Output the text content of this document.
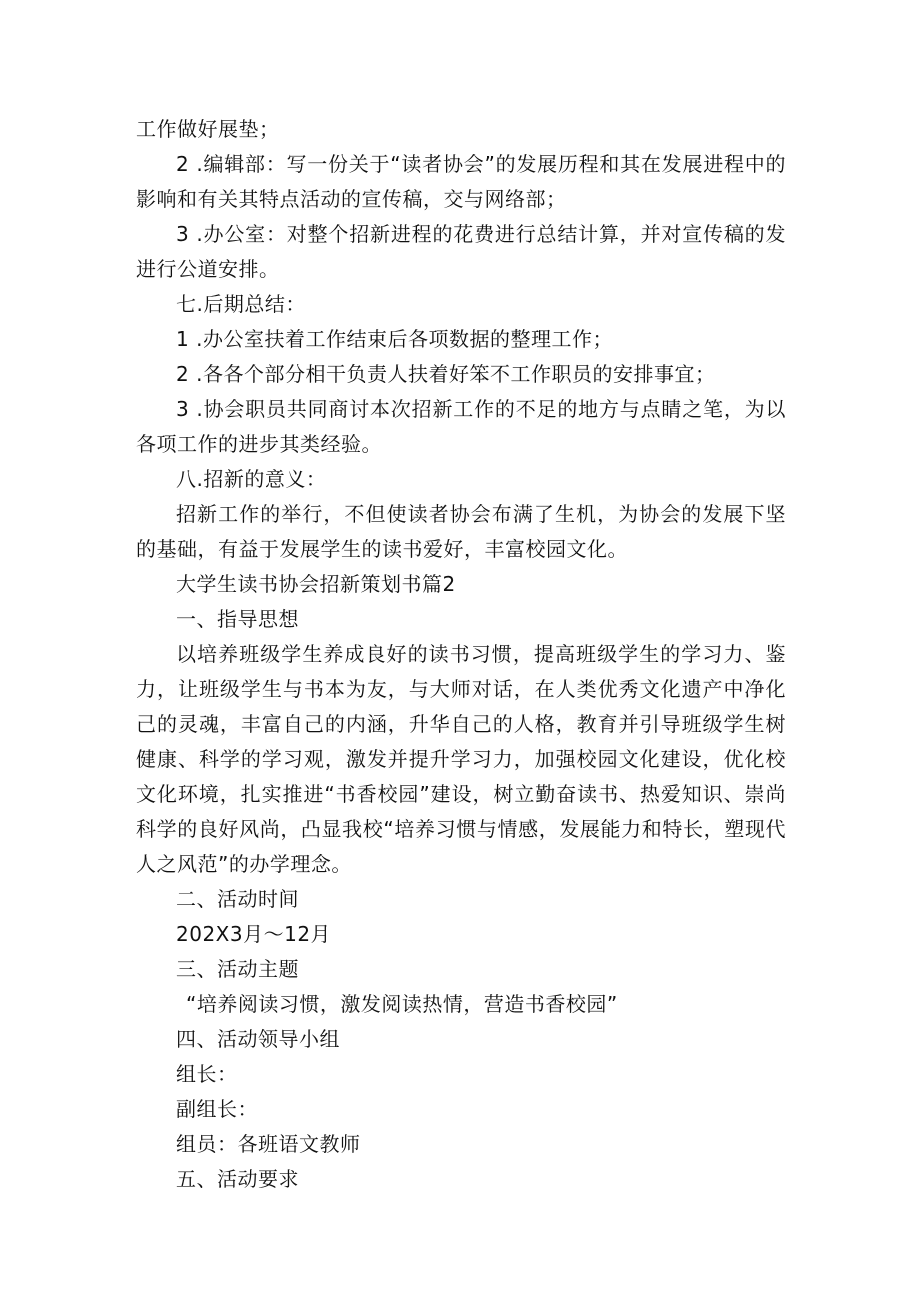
工作做好展垫；
2 .编辑部：写一份关于“读者协会”的发展历程和其在发展进程中的
影响和有关其特点活动的宣传稿，交与网络部；
3 .办公室：对整个招新进程的花费进行总结计算，并对宣传稿的发
进行公道安排。
七.后期总结：
1 .办公室扶着工作结束后各项数据的整理工作；
2 .各各个部分相干负责人扶着好笨不工作职员的安排事宜；
3 .协会职员共同商讨本次招新工作的不足的地方与点睛之笔，为以
各项工作的进步其类经验。
八.招新的意义：
招新工作的举行，不但使读者协会布满了生机，为协会的发展下坚
的基础，有益于发展学生的读书爱好，丰富校园文化。
大学生读书协会招新策划书篇2
一、指导思想
以培养班级学生养成良好的读书习惯，提高班级学生的学习力、鉴
力，让班级学生与书本为友，与大师对话，在人类优秀文化遗产中净化
己的灵魂，丰富自己的内涵，升华自己的人格，教育并引导班级学生树
健康、科学的学习观，激发并提升学习力，加强校园文化建设，优化校
文化环境，扎实推进“书香校园”建设，树立勤奋读书、热爱知识、崇尚
科学的良好风尚，凸显我校“培养习惯与情感，发展能力和特长，塑现代
人之风范”的办学理念。
二、活动时间
202X3月～12月
三、活动主题
“培养阅读习惯，激发阅读热情，营造书香校园”
四、活动领导小组
组长：
副组长：
组员：各班语文教师
五、活动要求
